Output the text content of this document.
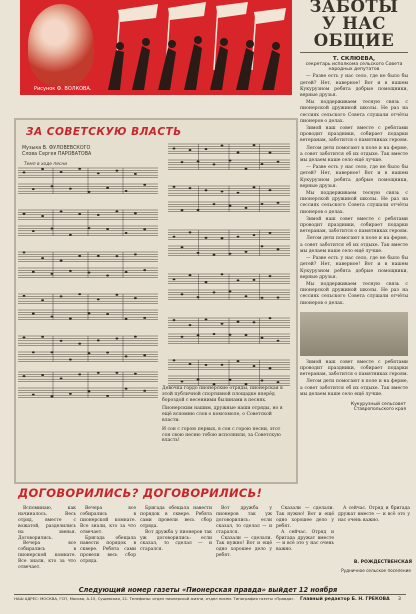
Рисунок Ф. ВОЛКОВА.
ЗАБОТЫ
У НАС
ОБЩИЕ
Т. СКЛЮЕВА,
секретарь исполкома сельского Совета народных депутатов

— Разве есть у нас село, где не было бы детей? Нет, наверное! Вот и в нашем Кукурузном ребята добрые помощники, верные друзья.

Мы поддерживаем тесную связь с пионерской дружиной школы. Не раз на сессиях сельского Совета слушали отчёты пионеров о делах.

Зимой наш совет вместе с ребятами проводит праздники, собирает подарки ветеранам, заботится о памятниках героям.

Летом дети помогают в поле и на ферме, а совет заботится об их отдыхе. Так вместе мы делаем наше село ещё лучше.

— Разве есть у нас село, где не было бы детей? Нет, наверное! Вот и в нашем Кукурузном ребята добрые помощники, верные друзья.

Мы поддерживаем тесную связь с пионерской дружиной школы. Не раз на сессиях сельского Совета слушали отчёты пионеров о делах.

Зимой наш совет вместе с ребятами проводит праздники, собирает подарки ветеранам, заботится о памятниках героям.

Летом дети помогают в поле и на ферме, а совет заботится об их отдыхе. Так вместе мы делаем наше село ещё лучше.

— Разве есть у нас село, где не было бы детей? Нет, наверное! Вот и в нашем Кукурузном ребята добрые помощники, верные друзья.

Мы поддерживаем тесную связь с пионерской дружиной школы. Не раз на сессиях сельского Совета слушали отчёты пионеров о делах.

Зимой наш совет вместе с ребятами проводит праздники, собирает подарки ветеранам, заботится о памятниках героям.

Летом дети помогают в поле и на ферме, а совет заботится об их отдыхе. Так вместе мы делаем наше село ещё лучше.

Кукурузный сельсовет
Ставропольского края
ЗА СОВЕТСКУЮ ВЛАСТЬ
Музыка В. ФУЛОВЕВСКОГО
Слова Сергея ПАРОВАТОВА
Темп в ходе песни

Девочка гордо пионерские отряды, пионерская в этой публичной спортивной площадке вперёд бороздой с весенними былинами в песнях.

Пионерским нашим, дружные наши отряды, но я ещё вспомню слов о комсомоле, о Советской власти.

И сон с горою первых, в сон с горою песни, этот сон свою песню тобою исполнили, за Советскую власть!

ДОГОВОРИЛИСЬ? ДОГОВОРИЛИСЬ!

Вспоминаю, как начиналось. Весь отряд, вместе с вожатой, разделились на звенья. Договорились.

Вечера все собирались в пионерской комнате. Все знали, кто за что отвечает.

Вечера все собирались в пионерской комнате. Все знали, кто за что отвечает.

Бригада обещала навести порядок в сквере. Ребята сами провели весь сбор отряда.

Бригада обещала навести порядок в сквере. Ребята сами провели весь сбор отряда.

Вот дружба у пионеров так уж договорились: если сказал, то сделал — и старался.

Вот дружба у пионеров так уж договорились: если сказал, то сделал — и старался.

Сказали — сделали. Так нужно! Вот и ещё одно хорошее дело у ребят.

Сказали — сделали. Так нужно! Вот и ещё одно хорошее дело у ребят.

А сейчас. Отряд и бригада дружат вместе — и всё это у нас очень важно.

А сейчас. Отряд и бригада дружат вместе — и всё это у нас очень важно.

В. РОЖДЕСТВЕНСКАЯ
Рудничное сельское поселение
Следующий номер газеты «Пионерская правда» выйдет 12 ноября
НАШ АДРЕС: МОСКВА, ГСП, Москва, А-15, Сущевская, 21. Телефоны: отдел пионерской жизни, отдел писем. Типография газеты «Правда».	Главный редактор Б. Н. ГРЕКОВА 3
